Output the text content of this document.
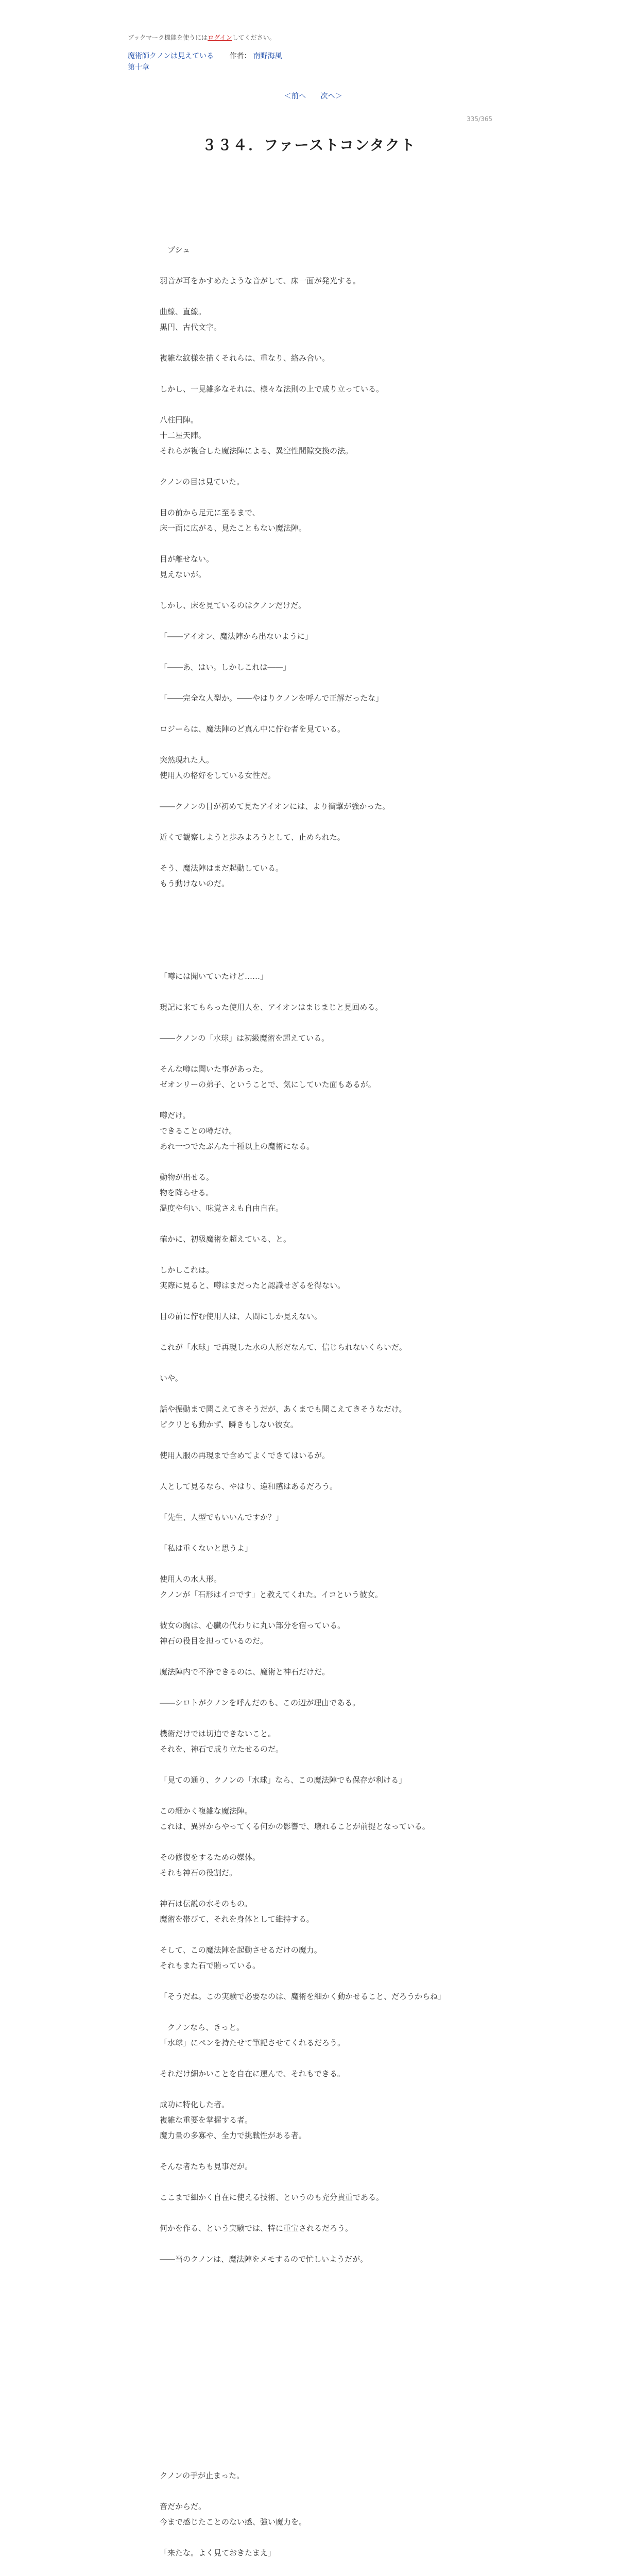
ブックマーク機能を使うにはログインしてください。
魔術師クノンは見えている 作者： 南野海風
第十章
＜前へ 次へ＞
335/365
３３４．ファーストコンタクト

　ブシュ

羽音が耳をかすめたような音がして、床一面が発光する。

曲線、直線。

黒円、古代文字。

複雑な紋様を描くそれらは、重なり、絡み合い。

しかし、一見雑多なそれは、様々な法則の上で成り立っている。

八柱円陣。

十二星天陣。

それらが複合した魔法陣による、異空性間隙交換の法。

クノンの目は見ていた。

目の前から足元に至るまで、

床一面に広がる、見たこともない魔法陣。

目が離せない。

見えないが。

しかし、床を見ているのはクノンだけだ。

「――アイオン、魔法陣から出ないように」

「――あ、はい。しかしこれは――」

「――完全な人型か。――やはりクノンを呼んで正解だったな」

ロジーらは、魔法陣のど真ん中に佇む者を見ている。

突然現れた人。

使用人の格好をしている女性だ。

――クノンの目が初めて見たアイオンには、より衝撃が強かった。

近くで観察しようと歩みよろうとして、止められた。

そう、魔法陣はまだ起動している。

もう動けないのだ。

「噂には聞いていたけど……」

現記に来てもらった使用人を、アイオンはまじまじと見回める。

――クノンの「水球」は初級魔術を超えている。

そんな噂は聞いた事があった。

ゼオンリーの弟子、ということで、気にしていた面もあるが。

噂だけ。

できることの噂だけ。

あれ一つでたぶんた十種以上の魔術になる。

動物が出せる。

物を降らせる。

温度や匂い、味覚さえも自由自在。

確かに、初級魔術を超えている、と。

しかしこれは。

実際に見ると、噂はまだったと認識せざるを得ない。

目の前に佇む使用人は、人間にしか見えない。

これが「水球」で再現した水の人形だなんて、信じられないくらいだ。

いや。

話や振動まで聞こえてきそうだが、あくまでも聞こえてきそうなだけ。

ピクリとも動かず、瞬きもしない彼女。

使用人服の再現まで含めてよくできてはいるが。

人として見るなら、やはり、違和感はあるだろう。

「先生、人型でもいいんですか？」

「私は重くないと思うよ」

使用人の水人形。

クノンが「石形はイコです」と教えてくれた。イコという彼女。

彼女の胸は、心臓の代わりに丸い部分を宿っている。

神石の役目を担っているのだ。

魔法陣内で不浄できるのは、魔術と神石だけだ。

――シロトがクノンを呼んだのも、この辺が理由である。

機術だけでは切迫できないこと。

それを、神石で成り立たせるのだ。

「見ての通り、クノンの「水球」なら、この魔法陣でも保存が利ける」

この細かく複雑な魔法陣。

これは、異界からやってくる何かの影響で、壊れることが前提となっている。

その修復をするための媒体。

それも神石の役割だ。

神石は伝説の水そのもの。

魔術を帯びて、それを身体として維持する。

そして、この魔法陣を起動させるだけの魔力。

それもまた石で賄っている。

「そうだね。この実験で必要なのは、魔術を細かく動かせること、だろうからね」

　クノンなら、きっと。

「水球」にペンを持たせて筆記させてくれるだろう。

それだけ細かいことを自在に運んで、それもできる。

成功に特化した者。

複雑な重要を掌握する者。

魔力量の多寡や、全力で挑戦性がある者。

そんな者たちも見事だが。

ここまで細かく自在に使える技術、というのも充分貴重である。

何かを作る、という実験では、特に重宝されるだろう。

――当のクノンは、魔法陣をメモするので忙しいようだが。

クノンの手が止まった。

音だからだ。

今まで感じたことのない感、強い魔力を。

「来たな。よく見ておきたまえ」
